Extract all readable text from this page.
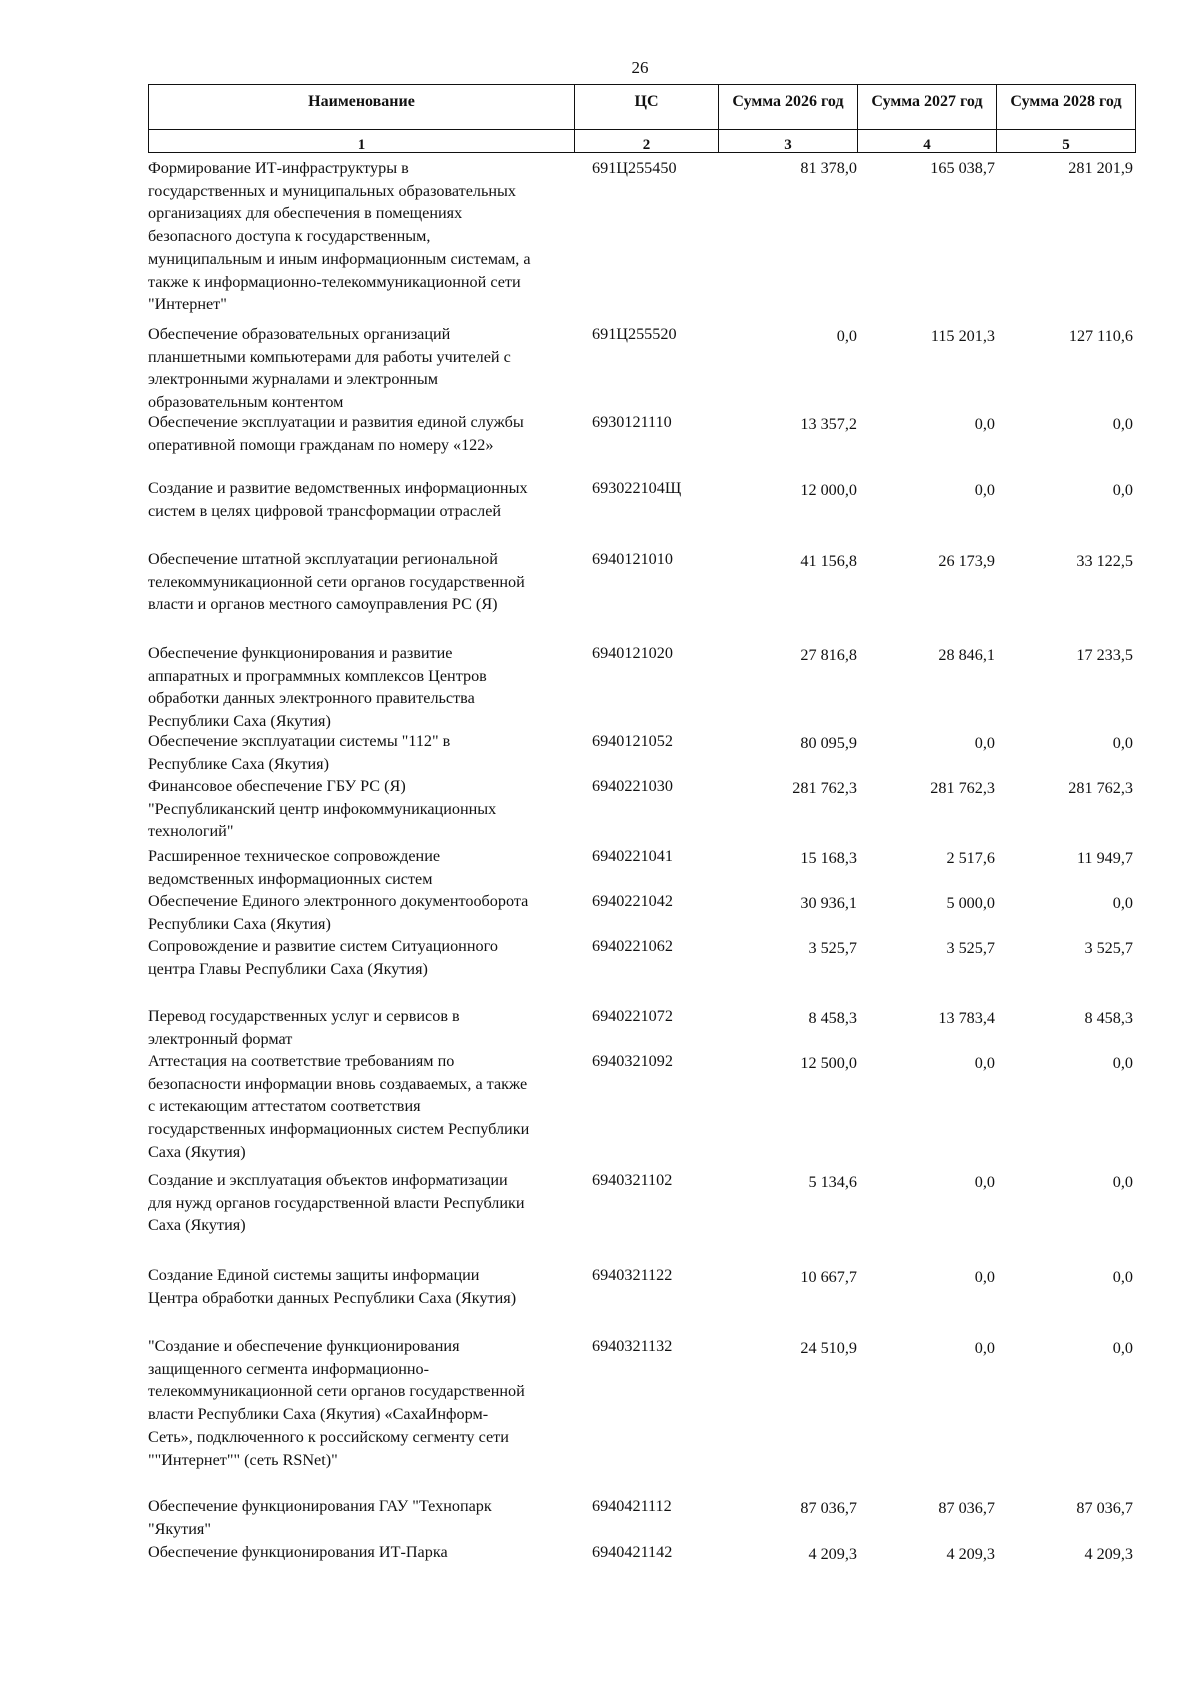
26
Наименование	ЦС	Сумма 2026 год	Сумма 2027 год	Сумма 2028 год
1	2	3	4	5
Формирование ИТ-инфраструктуры в
государственных и муниципальных образовательных
организациях для обеспечения в помещениях
безопасного доступа к государственным,
муниципальным и иным информационным системам, а
также к информационно-телекоммуникационной сети
"Интернет"
691Ц255450	81 378,0	165 038,7	281 201,9
Обеспечение образовательных организаций
планшетными компьютерами для работы учителей с
электронными журналами и электронным
образовательным контентом
691Ц255520	0,0	115 201,3	127 110,6
Обеспечение эксплуатации и развития единой службы
оперативной помощи гражданам по номеру «122»
6930121110	13 357,2	0,0	0,0
Создание и развитие ведомственных информационных
систем в целях цифровой трансформации отраслей
693022104Щ	12 000,0	0,0	0,0
Обеспечение штатной эксплуатации региональной
телекоммуникационной сети органов государственной
власти и органов местного самоуправления РС (Я)
6940121010	41 156,8	26 173,9	33 122,5
Обеспечение функционирования и развитие
аппаратных и программных комплексов Центров
обработки данных электронного правительства
Республики Саха (Якутия)
6940121020	27 816,8	28 846,1	17 233,5
Обеспечение эксплуатации системы "112" в
Республике Саха (Якутия)
6940121052	80 095,9	0,0	0,0
Финансовое обеспечение ГБУ РС (Я)
"Республиканский центр инфокоммуникационных
технологий"
6940221030	281 762,3	281 762,3	281 762,3
Расширенное техническое сопровождение
ведомственных информационных систем
6940221041	15 168,3	2 517,6	11 949,7
Обеспечение Единого электронного документооборота
Республики Саха (Якутия)
6940221042	30 936,1	5 000,0	0,0
Сопровождение и развитие систем Ситуационного
центра Главы Республики Саха (Якутия)
6940221062	3 525,7	3 525,7	3 525,7
Перевод государственных услуг и сервисов в
электронный формат
6940221072	8 458,3	13 783,4	8 458,3
Аттестация на соответствие требованиям по
безопасности информации вновь создаваемых, а также
с истекающим аттестатом соответствия
государственных информационных систем Республики
Саха (Якутия)
6940321092	12 500,0	0,0	0,0
Создание и эксплуатация объектов информатизации
для нужд органов государственной власти Республики
Саха (Якутия)
6940321102	5 134,6	0,0	0,0
Создание Единой системы защиты информации
Центра обработки данных Республики Саха (Якутия)
6940321122	10 667,7	0,0	0,0
"Создание и обеспечение функционирования
защищенного сегмента информационно-
телекоммуникационной сети органов государственной
власти Республики Саха (Якутия) «СахаИнформ-
Сеть», подключенного к российскому сегменту сети
""Интернет"" (сеть RSNet)"
6940321132	24 510,9	0,0	0,0
Обеспечение функционирования ГАУ "Технопарк
"Якутия"
6940421112	87 036,7	87 036,7	87 036,7
Обеспечение функционирования ИТ-Парка	6940421142	4 209,3	4 209,3	4 209,3
